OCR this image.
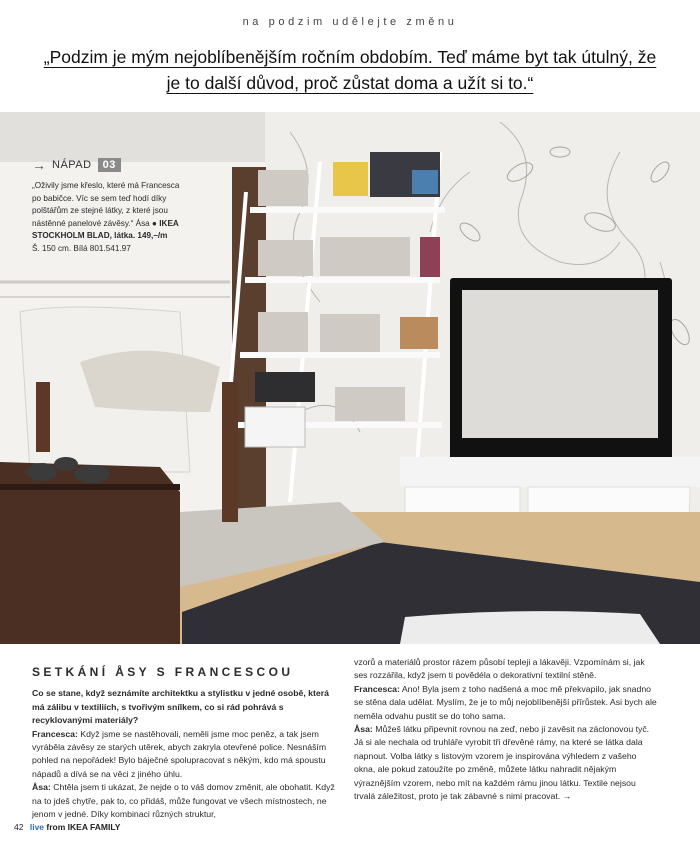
na podzim udělejte změnu
„Podzim je mým nejoblíbenějším ročním obdobím. Teď máme byt tak útulný, že je to další důvod, proč zůstat doma a užít si to.“
→ NÁPAD	03
„Oživily jsme křeslo, které má Francesca po babičce. Víc se sem teď hodí díky polštářům ze stejné látky, z které jsou nástěnné panelové závěsy.“ Ása ● IKEA STOCKHOLM BLAD, látka. 149,–/m
Š. 150 cm. Bílá 801.541.97
SETKÁNÍ ÅSY S FRANCESCOU

Co se stane, když seznámíte architektku a stylistku v jedné osobě, která má zálibu v textiliích, s tvořivým snílkem, co si rád pohrává s recyklovanými materiály?

Francesca: Když jsme se nastěhovali, neměli jsme moc peněz, a tak jsem vyráběla závěsy ze starých utěrek, abych zakryla otevřené police. Nesnáším pohled na nepořádek! Bylo báječné spolupracovat s někým, kdo má spoustu nápadů a dívá se na věci z jiného úhlu.

Åsa: Chtěla jsem ti ukázat, že nejde o to váš domov změnit, ale obohatit. Když na to jdeš chytře, pak to, co přidáš, může fungovat ve všech místnostech, ne jenom v jedné. Díky kombinaci různých struktur,

vzorů a materiálů prostor rázem působí tepleji a lákavěji. Vzpomínám si, jak ses rozzářila, když jsem ti povědéla o dekorativní textilní stěně.

Francesca: Ano! Byla jsem z toho nadšená a moc mě překvapilo, jak snadno se stěna dala udělat. Myslím, že je to můj nejoblíbenější přírůstek. Asi bych ale neměla odvahu pustit se do toho sama.

Åsa: Můžeš látku připevnit rovnou na zeď, nebo ji zavěsit na záclonovou tyč. Já si ale nechala od truhláře vyrobit tři dřevěné rámy, na které se látka dala napnout. Volba látky s listovým vzorem je inspirována výhledem z vašeho okna, ale pokud zatoužíte po změně, můžete látku nahradit nějakým výraznějším vzorem, nebo mít na každém rámu jinou látku. Textile nejsou trvalá záležitost, proto je tak zábavné s nimi pracovat. →

42 live from IKEA FAMILY
